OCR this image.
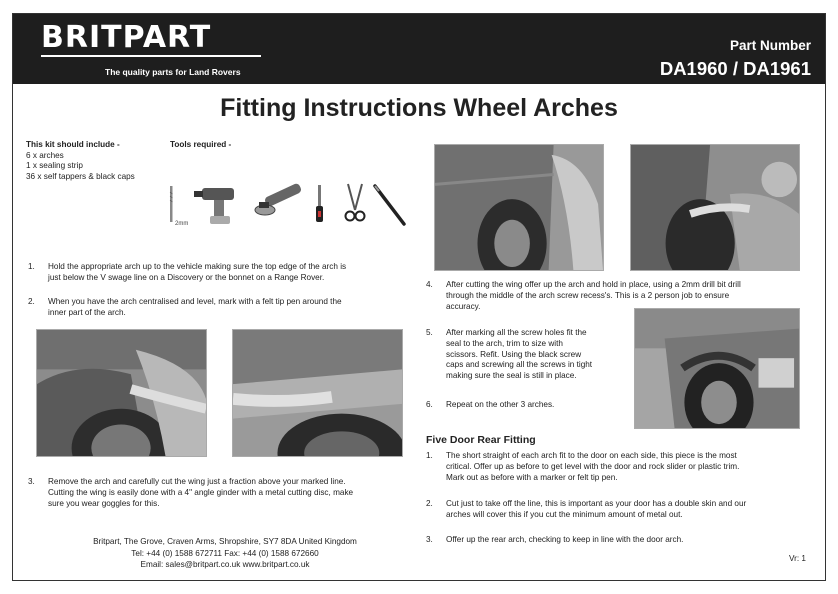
BRITPART
The quality parts for Land Rovers
Part Number
DA1960 / DA1961
Fitting Instructions Wheel Arches
This kit should include -
6 x arches
1 x sealing strip
36 x self tappers & black caps
Tools required -
2mm
1. Hold the appropriate arch up to the vehicle making sure the top edge of the arch is
just below the V swage line on a Discovery or the bonnet on a Range Rover.
2. When you have the arch centralised and level, mark with a felt tip pen around the
inner part of the arch.
3. Remove the arch and carefully cut the wing just a fraction above your marked line.
Cutting the wing is easily done with a 4" angle ginder with a metal cutting disc, make
sure you wear goggles for this.
4. After cutting the wing offer up the arch and hold in place, using a 2mm drill bit drill
through the middle of the arch screw recess's. This is a 2 person job to ensure
accuracy.
5. After marking all the screw holes fit the
seal to the arch, trim to size with
scissors. Refit. Using the black screw
caps and screwing all the screws in tight
making sure the seal is still in place.
6. Repeat on the other 3 arches.
Five Door Rear Fitting
1. The short straight of each arch fit to the door on each side, this piece is the most
critical. Offer up as before to get level with the door and rock slider or plastic trim.
Mark out as before with a marker or felt tip pen.
2. Cut just to take off the line, this is important as your door has a double skin and our
arches will cover this if you cut the minimum amount of metal out.
3. Offer up the rear arch, checking to keep in line with the door arch.
Britpart, The Grove, Craven Arms, Shropshire, SY7 8DA United Kingdom
Tel: +44 (0) 1588 672711 Fax: +44 (0) 1588 672660
Email: sales@britpart.co.uk www.britpart.co.uk
Vr: 1
